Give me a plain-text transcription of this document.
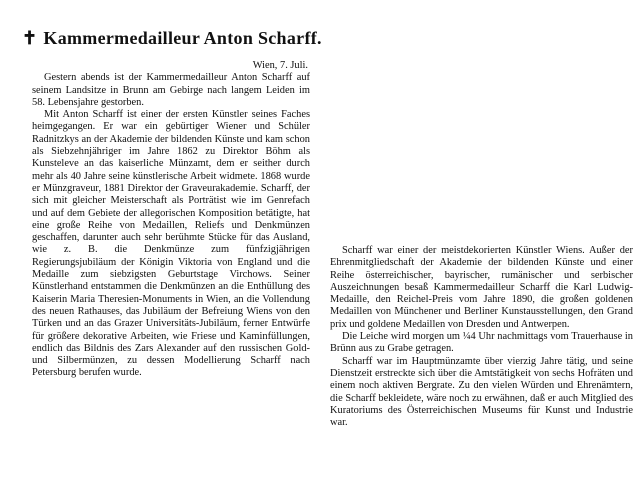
✝ Kammermedailleur Anton Scharff.

Wien, 7. Juli.

Gestern abends ist der Kammermedailleur Anton Scharff auf seinem Landsitze in Brunn am Gebirge nach langem Leiden im 58. Lebensjahre gestorben.

Mit Anton Scharff ist einer der ersten Künstler seines Faches heimgegangen. Er war ein gebürtiger Wiener und Schüler Radnitzkys an der Akademie der bildenden Künste und kam schon als Siebzehnjähriger im Jahre 1862 zu Direktor Böhm als Kunsteleve an das kaiserliche Münzamt, dem er seither durch mehr als 40 Jahre seine künstlerische Arbeit widmete. 1868 wurde er Münzgraveur, 1881 Direktor der Graveurakademie. Scharff, der sich mit gleicher Meisterschaft als Porträtist wie im Genrefach und auf dem Gebiete der allegorischen Komposition betätigte, hat eine große Reihe von Medaillen, Reliefs und Denkmünzen geschaffen, darunter auch sehr berühmte Stücke für das Ausland, wie z. B. die Denkmünze zum fünfzigjährigen Regierungsjubiläum der Königin Viktoria von England und die Medaille zum siebzigsten Geburtstage Virchows. Seiner Künstlerhand entstammen die Denkmünzen an die Enthüllung des Kaiserin Maria Theresien-Monuments in Wien, an die Vollendung des neuen Rathauses, das Jubiläum der Befreiung Wiens von den Türken und an das Grazer Universitäts-Jubiläum, ferner Entwürfe für größere dekorative Arbeiten, wie Friese und Kaminfüllungen, endlich das Bildnis des Zars Alexander auf den russischen Gold- und Silbermünzen, zu dessen Modellierung Scharff nach Petersburg berufen wurde.

Scharff war einer der meistdekorierten Künstler Wiens. Außer der Ehrenmitgliedschaft der Akademie der bildenden Künste und einer Reihe österreichischer, bayrischer, rumänischer und serbischer Auszeichnungen besaß Kammermedailleur Scharff die Karl Ludwig-Medaille, den Reichel-Preis vom Jahre 1890, die großen goldenen Medaillen von Münchener und Berliner Kunstausstellungen, den Grand prix und goldene Medaillen von Dresden und Antwerpen.

Die Leiche wird morgen um ¼4 Uhr nachmittags vom Trauerhause in Brünn aus zu Grabe getragen.

Scharff war im Hauptmünzamte über vierzig Jahre tätig, und seine Dienstzeit erstreckte sich über die Amtstätigkeit von sechs Hofräten und einem noch aktiven Bergrate. Zu den vielen Würden und Ehrenämtern, die Scharff bekleidete, wäre noch zu erwähnen, daß er auch Mitglied des Kuratoriums des Österreichischen Museums für Kunst und Industrie war.
